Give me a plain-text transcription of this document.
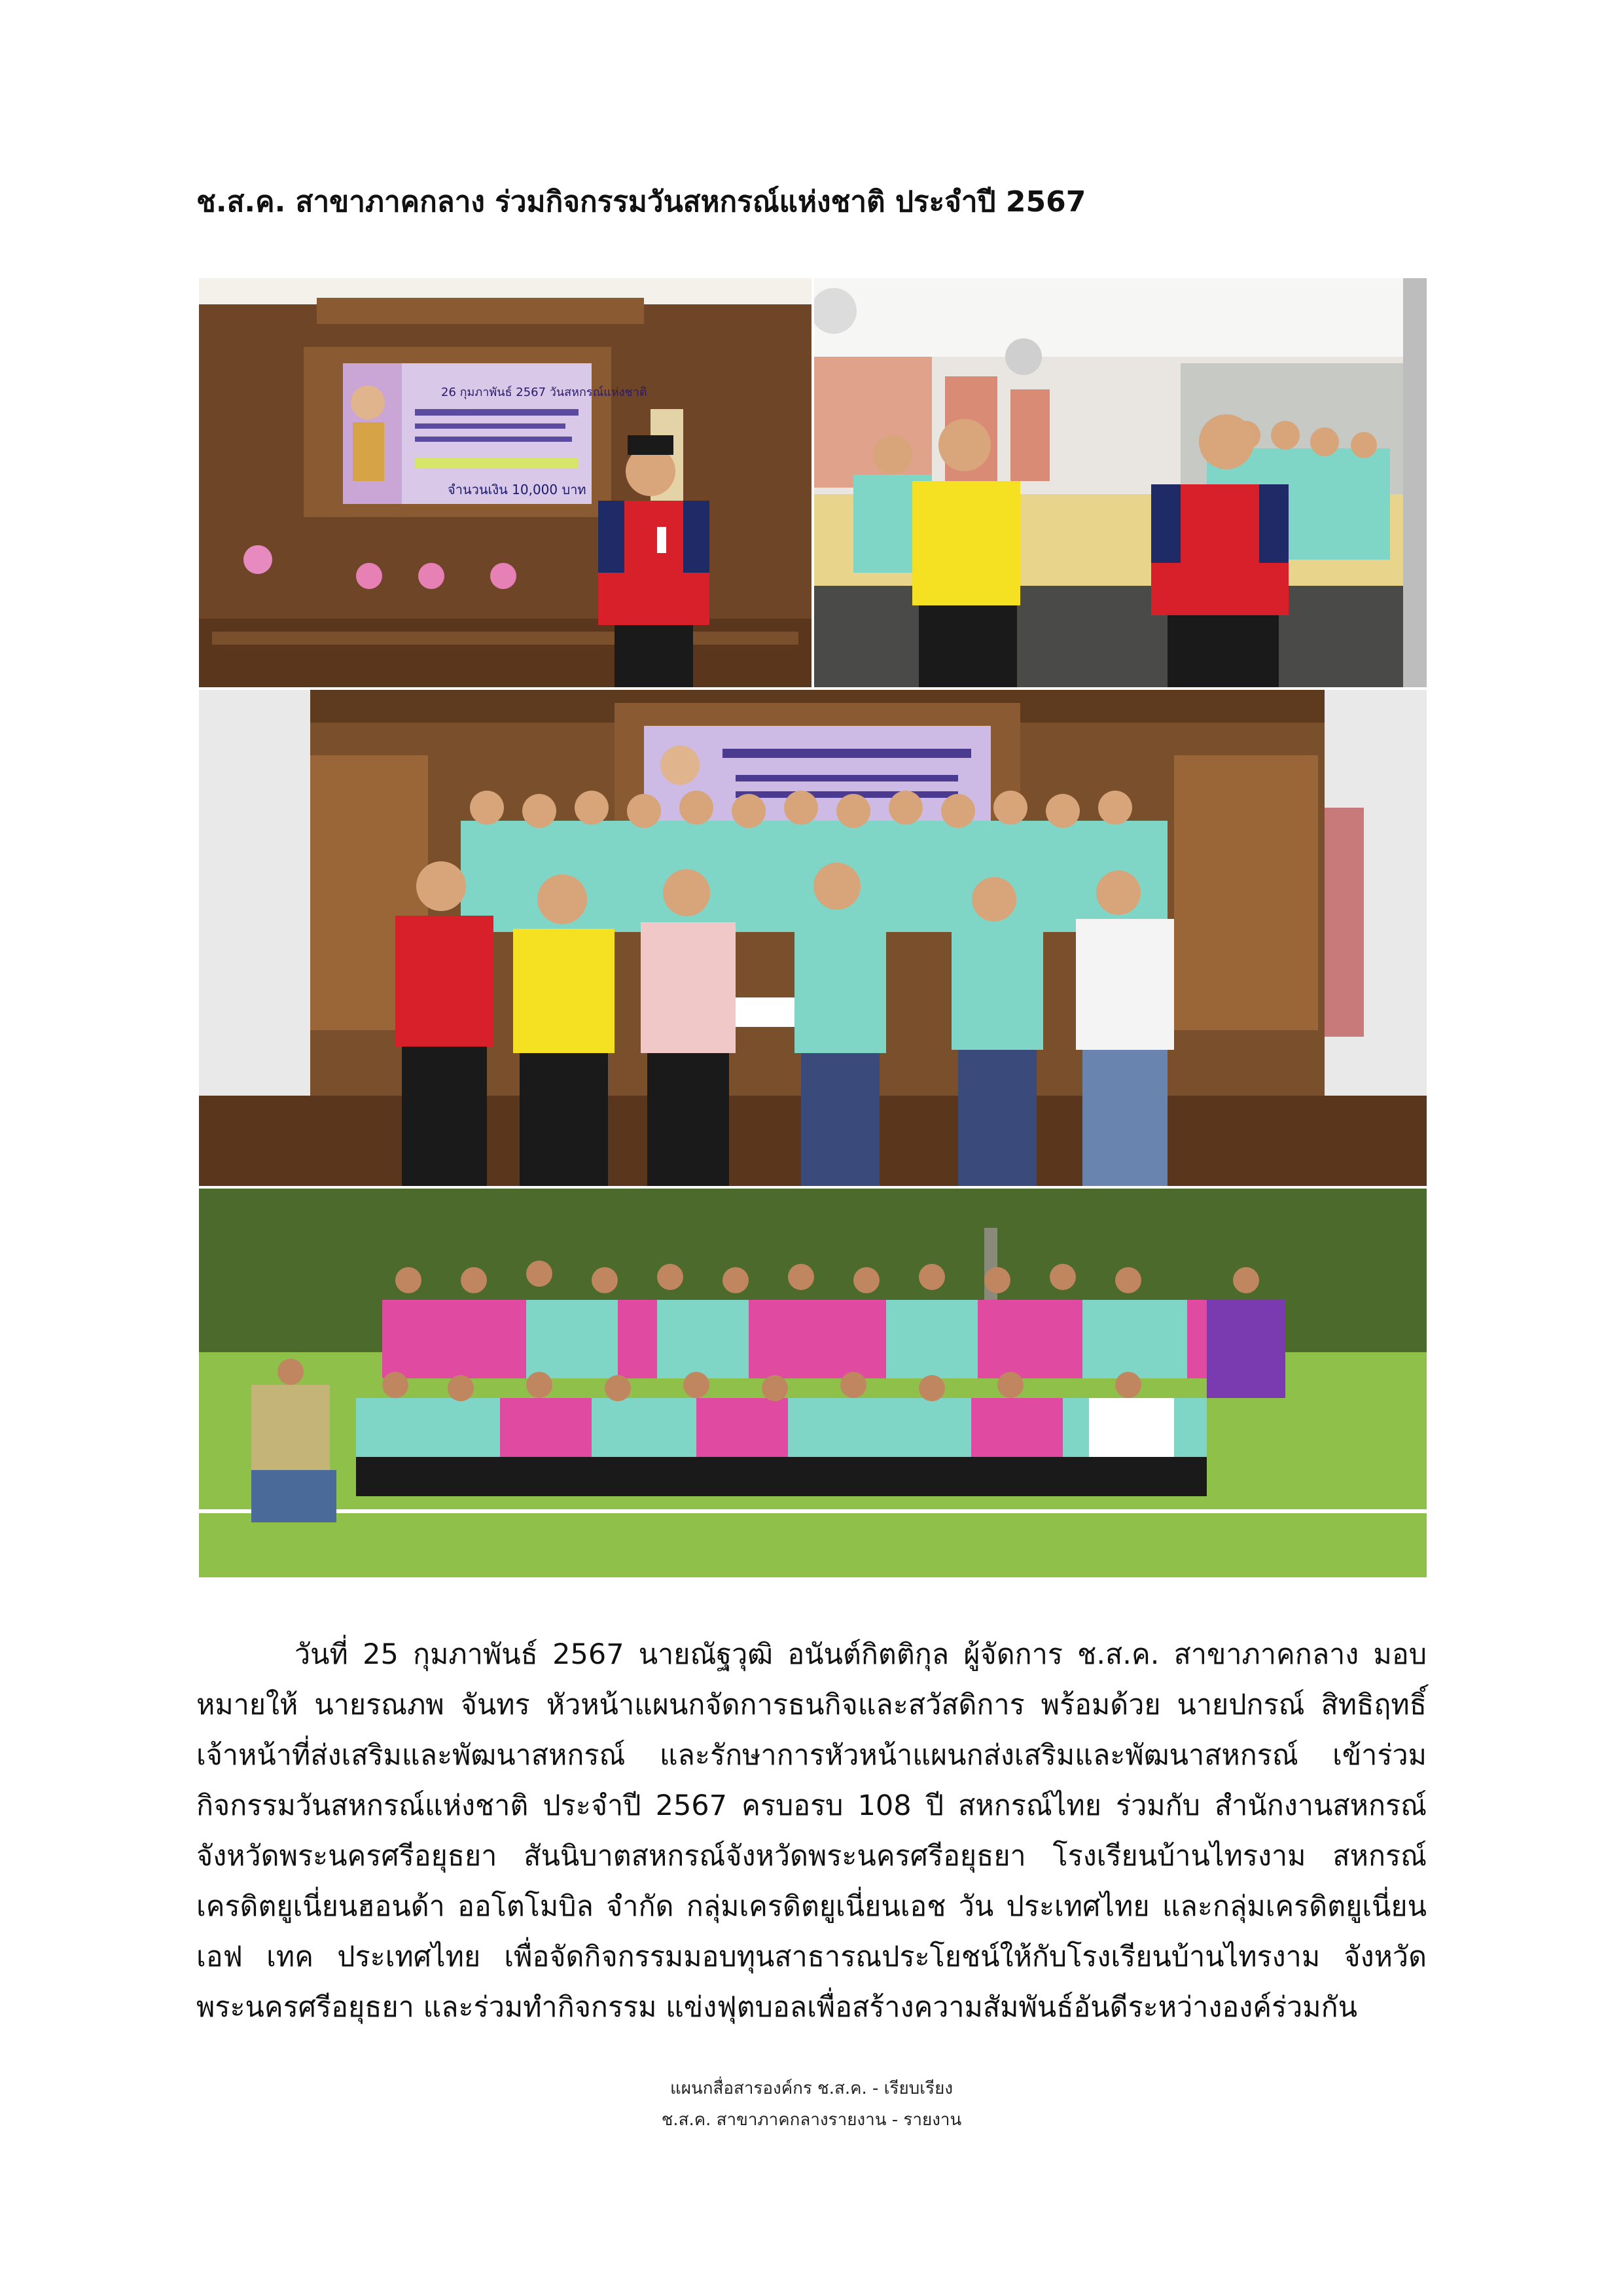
ช.ส.ค. สาขาภาคกลาง ร่วมกิจกรรมวันสหกรณ์แห่งชาติ ประจำปี 2567
26 กุมภาพันธ์ 2567 วันสหกรณ์แห่งชาติ
จำนวนเงิน 10,000 บาท
วันที่ 25 กุมภาพันธ์ 2567 นายณัฐวุฒิ อนันต์กิตติกุล ผู้จัดการ ช.ส.ค. สาขาภาคกลาง มอบหมายให้ นายรณภพ จันทร หัวหน้าแผนกจัดการธนกิจและสวัสดิการ พร้อมด้วย นายปกรณ์ สิทธิฤทธิ์ เจ้าหน้าที่ส่งเสริมและพัฒนาสหกรณ์ และรักษาการหัวหน้าแผนกส่งเสริมและพัฒนาสหกรณ์ เข้าร่วมกิจกรรมวันสหกรณ์แห่งชาติ ประจำปี 2567 ครบอรบ 108 ปี สหกรณ์ไทย ร่วมกับ สำนักงานสหกรณ์จังหวัดพระนครศรีอยุธยา สันนิบาตสหกรณ์จังหวัดพระนครศรีอยุธยา โรงเรียนบ้านไทรงาม สหกรณ์เครดิตยูเนี่ยนฮอนด้า ออโตโมบิล จำกัด กลุ่มเครดิตยูเนี่ยนเอช วัน ประเทศไทย และกลุ่มเครดิตยูเนี่ยนเอฟ เทค ประเทศไทย เพื่อจัดกิจกรรมมอบทุนสาธารณประโยชน์ให้กับโรงเรียนบ้านไทรงาม จังหวัดพระนครศรีอยุธยา และร่วมทำกิจกรรม แข่งฟุตบอลเพื่อสร้างความสัมพันธ์อันดีระหว่างองค์ร่วมกัน
แผนกสื่อสารองค์กร ช.ส.ค. - เรียบเรียง
ช.ส.ค. สาขาภาคกลางรายงาน - รายงาน
